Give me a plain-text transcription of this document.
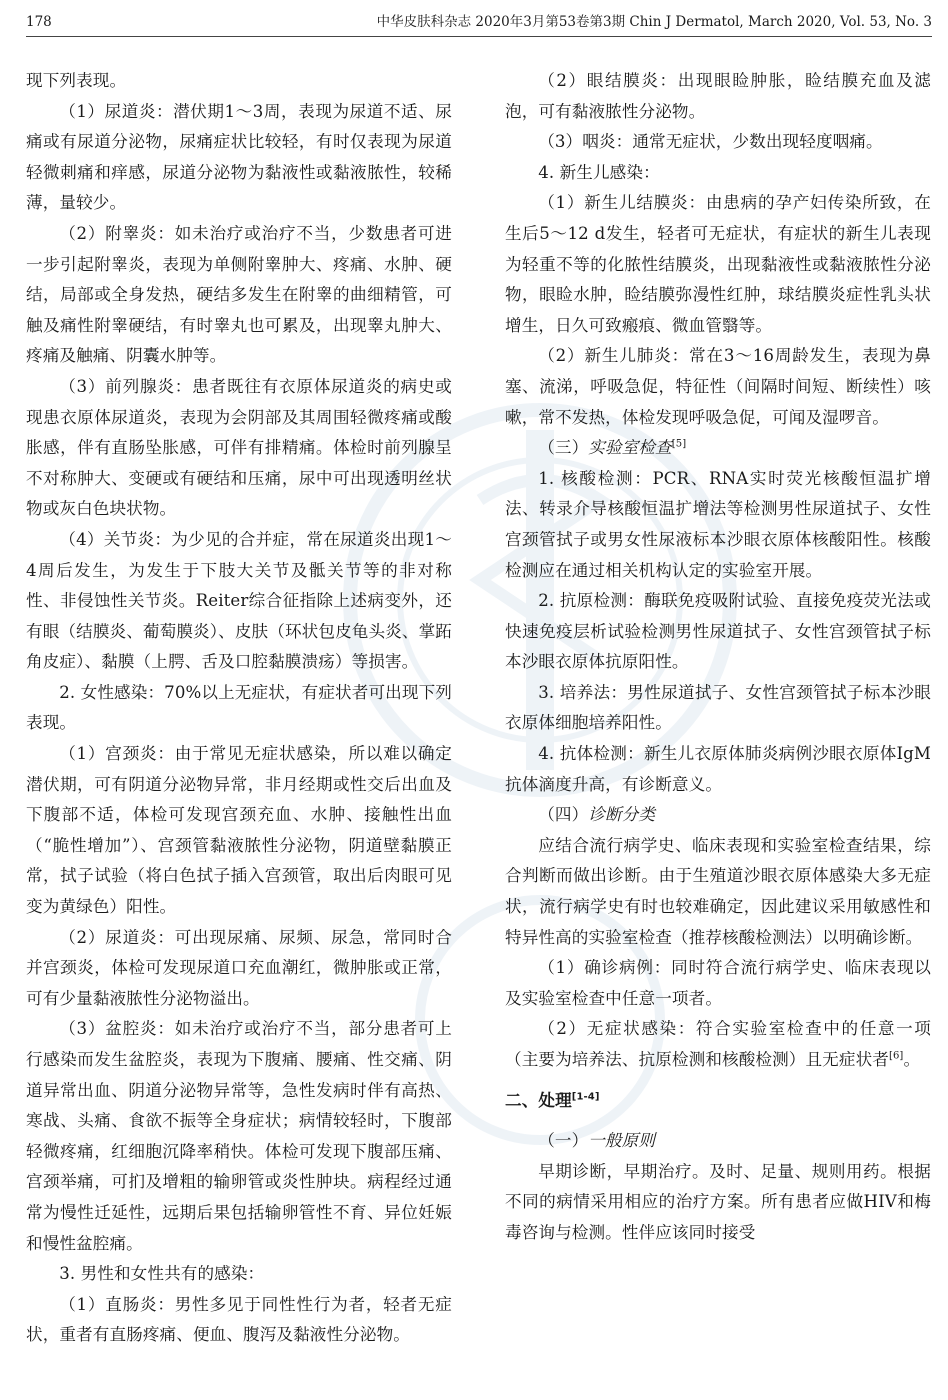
178	中华皮肤科杂志 2020年3月第53卷第3期 Chin J Dermatol, March 2020, Vol. 53, No. 3

现下列表现。

（1）尿道炎：潜伏期1～3周，表现为尿道不适、尿痛或有尿道分泌物，尿痛症状比较轻，有时仅表现为尿道轻微刺痛和痒感，尿道分泌物为黏液性或黏液脓性，较稀薄，量较少。

（2）附睾炎：如未治疗或治疗不当，少数患者可进一步引起附睾炎，表现为单侧附睾肿大、疼痛、水肿、硬结，局部或全身发热，硬结多发生在附睾的曲细精管，可触及痛性附睾硬结，有时睾丸也可累及，出现睾丸肿大、疼痛及触痛、阴囊水肿等。

（3）前列腺炎：患者既往有衣原体尿道炎的病史或现患衣原体尿道炎，表现为会阴部及其周围轻微疼痛或酸胀感，伴有直肠坠胀感，可伴有排精痛。体检时前列腺呈不对称肿大、变硬或有硬结和压痛，尿中可出现透明丝状物或灰白色块状物。

（4）关节炎：为少见的合并症，常在尿道炎出现1～4周后发生，为发生于下肢大关节及骶关节等的非对称性、非侵蚀性关节炎。Reiter综合征指除上述病变外，还有眼（结膜炎、葡萄膜炎）、皮肤（环状包皮龟头炎、掌跖角皮症）、黏膜（上腭、舌及口腔黏膜溃疡）等损害。

2. 女性感染：70%以上无症状，有症状者可出现下列表现。

（1）宫颈炎：由于常见无症状感染，所以难以确定潜伏期，可有阴道分泌物异常，非月经期或性交后出血及下腹部不适，体检可发现宫颈充血、水肿、接触性出血（“脆性增加”）、宫颈管黏液脓性分泌物，阴道壁黏膜正常，拭子试验（将白色拭子插入宫颈管，取出后肉眼可见变为黄绿色）阳性。

（2）尿道炎：可出现尿痛、尿频、尿急，常同时合并宫颈炎，体检可发现尿道口充血潮红，微肿胀或正常，可有少量黏液脓性分泌物溢出。

（3）盆腔炎：如未治疗或治疗不当，部分患者可上行感染而发生盆腔炎，表现为下腹痛、腰痛、性交痛、阴道异常出血、阴道分泌物异常等，急性发病时伴有高热、寒战、头痛、食欲不振等全身症状；病情较轻时，下腹部轻微疼痛，红细胞沉降率稍快。体检可发现下腹部压痛、宫颈举痛，可扪及增粗的输卵管或炎性肿块。病程经过通常为慢性迁延性，远期后果包括输卵管性不育、异位妊娠和慢性盆腔痛。

3. 男性和女性共有的感染：

（1）直肠炎：男性多见于同性性行为者，轻者无症状，重者有直肠疼痛、便血、腹泻及黏液性分泌物。

（2）眼结膜炎：出现眼睑肿胀，睑结膜充血及滤泡，可有黏液脓性分泌物。

（3）咽炎：通常无症状，少数出现轻度咽痛。

4. 新生儿感染：

（1）新生儿结膜炎：由患病的孕产妇传染所致，在生后5～12 d发生，轻者可无症状，有症状的新生儿表现为轻重不等的化脓性结膜炎，出现黏液性或黏液脓性分泌物，眼睑水肿，睑结膜弥漫性红肿，球结膜炎症性乳头状增生，日久可致瘢痕、微血管翳等。

（2）新生儿肺炎：常在3～16周龄发生，表现为鼻塞、流涕，呼吸急促，特征性（间隔时间短、断续性）咳嗽，常不发热，体检发现呼吸急促，可闻及湿啰音。

（三）实验室检查[5]

1. 核酸检测：PCR、RNA实时荧光核酸恒温扩增法、转录介导核酸恒温扩增法等检测男性尿道拭子、女性宫颈管拭子或男女性尿液标本沙眼衣原体核酸阳性。核酸检测应在通过相关机构认定的实验室开展。

2. 抗原检测：酶联免疫吸附试验、直接免疫荧光法或快速免疫层析试验检测男性尿道拭子、女性宫颈管拭子标本沙眼衣原体抗原阳性。

3. 培养法：男性尿道拭子、女性宫颈管拭子标本沙眼衣原体细胞培养阳性。

4. 抗体检测：新生儿衣原体肺炎病例沙眼衣原体IgM抗体滴度升高，有诊断意义。

（四）诊断分类

应结合流行病学史、临床表现和实验室检查结果，综合判断而做出诊断。由于生殖道沙眼衣原体感染大多无症状，流行病学史有时也较难确定，因此建议采用敏感性和特异性高的实验室检查（推荐核酸检测法）以明确诊断。

（1）确诊病例：同时符合流行病学史、临床表现以及实验室检查中任意一项者。

（2）无症状感染：符合实验室检查中的任意一项（主要为培养法、抗原检测和核酸检测）且无症状者[6]。

二、处理[1-4]

（一）一般原则

早期诊断，早期治疗。及时、足量、规则用药。根据不同的病情采用相应的治疗方案。所有患者应做HIV和梅毒咨询与检测。性伴应该同时接受
